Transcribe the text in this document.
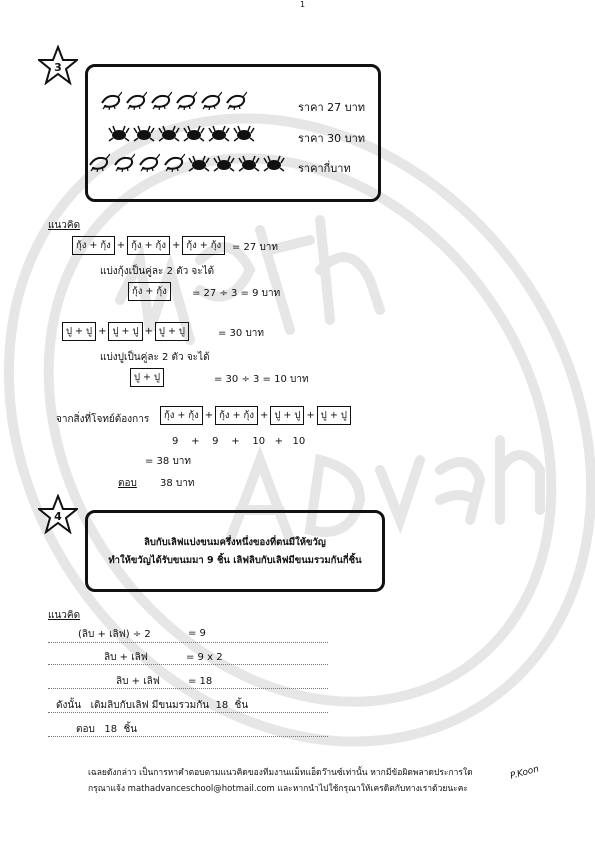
1
3
ราคา 27 บาท
ราคา 30 บาท
ราคากี่บาท
แนวคิด
กุ้ง + กุ้ง + กุ้ง + กุ้ง + กุ้ง + กุ้ง	= 27 บาท
แบ่งกุ้งเป็นคู่ละ 2 ตัว จะได้
กุ้ง + กุ้ง	= 27 ÷ 3 = 9 บาท
ปู + ปู + ปู + ปู + ปู + ปู	= 30 บาท
แบ่งปูเป็นคู่ละ 2 ตัว จะได้
ปู + ปู	= 30 ÷ 3 = 10 บาท
จากสิ่งที่โจทย์ต้องการ	กุ้ง + กุ้ง + กุ้ง + กุ้ง + ปู + ปู + ปู + ปู
9    +    9    +    10   +   10
= 38 บาท
ตอบ 38 บาท
4
ลิบกับเลิฟแบ่งขนมครึ่งหนึ่งของที่ตนมีให้ขวัญ
ทำให้ขวัญได้รับขนมมา 9 ชิ้น เลิฟลิบกับเลิฟมีขนมรวมกันกี่ชิ้น
แนวคิด
(ลิบ + เลิฟ) ÷ 2	= 9
ลิบ + เลิฟ	= 9 x 2
ลิบ + เลิฟ	= 18
ดังนั้น   เดิมลิบกับเลิฟ มีขนมรวมกัน  18  ชิ้น
ตอบ   18  ชิ้น
เฉลยดังกล่าว เป็นการหาคำตอบตามแนวคิดของทีมงานแม็ทแอ็ดว๊านซ์เท่านั้น หากมีข้อผิดพลาดประการใด
กรุณาแจ้ง mathadvanceschool@hotmail.com และหากนำไปใช้กรุณาให้เครดิตกับทางเราด้วยนะคะ
P.Koon
